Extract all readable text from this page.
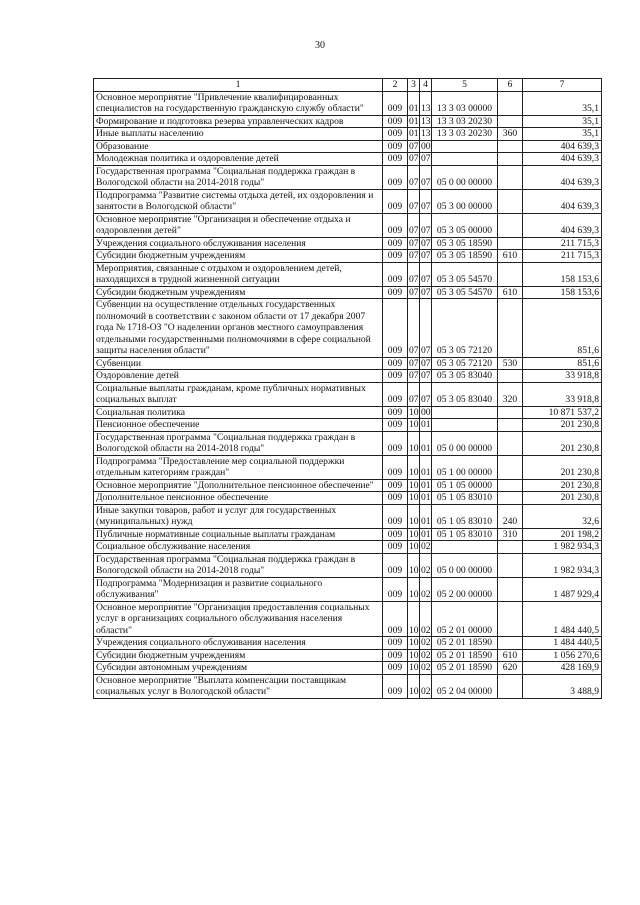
30
1	2	3	4	5	6	7
Основное мероприятие "Привлечение квалифицированных специалистов на государственную гражданскую службу области"	009	01	13	13 3 03 00000		35,1
Формирование и подготовка резерва управленческих кадров	009	01	13	13 3 03 20230		35,1
Иные выплаты населению	009	01	13	13 3 03 20230	360	35,1
Образование	009	07	00			404 639,3
Молодежная политика и оздоровление детей	009	07	07			404 639,3
Государственная программа "Социальная поддержка граждан в Вологодской области на 2014-2018 годы"	009	07	07	05 0 00 00000		404 639,3
Подпрограмма "Развитие системы отдыха детей, их оздоровления и занятости в Вологодской области"	009	07	07	05 3 00 00000		404 639,3
Основное мероприятие "Организация и обеспечение отдыха и оздоровления детей"	009	07	07	05 3 05 00000		404 639,3
Учреждения социального обслуживания населения	009	07	07	05 3 05 18590		211 715,3
Субсидии бюджетным учреждениям	009	07	07	05 3 05 18590	610	211 715,3
Мероприятия, связанные с отдыхом и оздоровлением детей, находящихся в трудной жизненной ситуации	009	07	07	05 3 05 54570		158 153,6
Субсидии бюджетным учреждениям	009	07	07	05 3 05 54570	610	158 153,6
Субвенции на осуществление отдельных государственных полномочий в соответствии с законом области от 17 декабря 2007 года № 1718-ОЗ "О наделении органов местного самоуправления отдельными государственными полномочиями в сфере социальной защиты населения области"	009	07	07	05 3 05 72120		851,6
Субвенции	009	07	07	05 3 05 72120	530	851,6
Оздоровление детей	009	07	07	05 3 05 83040		33 918,8
Социальные выплаты гражданам, кроме публичных нормативных социальных выплат	009	07	07	05 3 05 83040	320	33 918,8
Социальная политика	009	10	00			10 871 537,2
Пенсионное обеспечение	009	10	01			201 230,8
Государственная программа "Социальная поддержка граждан в Вологодской области на 2014-2018 годы"	009	10	01	05 0 00 00000		201 230,8
Подпрограмма "Предоставление мер социальной поддержки отдельным категориям граждан"	009	10	01	05 1 00 00000		201 230,8
Основное мероприятие "Дополнительное пенсионное обеспечение"	009	10	01	05 1 05 00000		201 230,8
Дополнительное пенсионное обеспечение	009	10	01	05 1 05 83010		201 230,8
Иные закупки товаров, работ и услуг для государственных (муниципальных) нужд	009	10	01	05 1 05 83010	240	32,6
Публичные нормативные социальные выплаты гражданам	009	10	01	05 1 05 83010	310	201 198,2
Социальное обслуживание населения	009	10	02			1 982 934,3
Государственная программа "Социальная поддержка граждан в Вологодской области на 2014-2018 годы"	009	10	02	05 0 00 00000		1 982 934,3
Подпрограмма "Модернизация и развитие социального обслуживания"	009	10	02	05 2 00 00000		1 487 929,4
Основное мероприятие "Организация предоставления социальных услуг в организациях социального обслуживания населения области"	009	10	02	05 2 01 00000		1 484 440,5
Учреждения социального обслуживания населения	009	10	02	05 2 01 18590		1 484 440,5
Субсидии бюджетным учреждениям	009	10	02	05 2 01 18590	610	1 056 270,6
Субсидии автономным учреждениям	009	10	02	05 2 01 18590	620	428 169,9
Основное мероприятие "Выплата компенсации поставщикам социальных услуг в Вологодской области"	009	10	02	05 2 04 00000		3 488,9
